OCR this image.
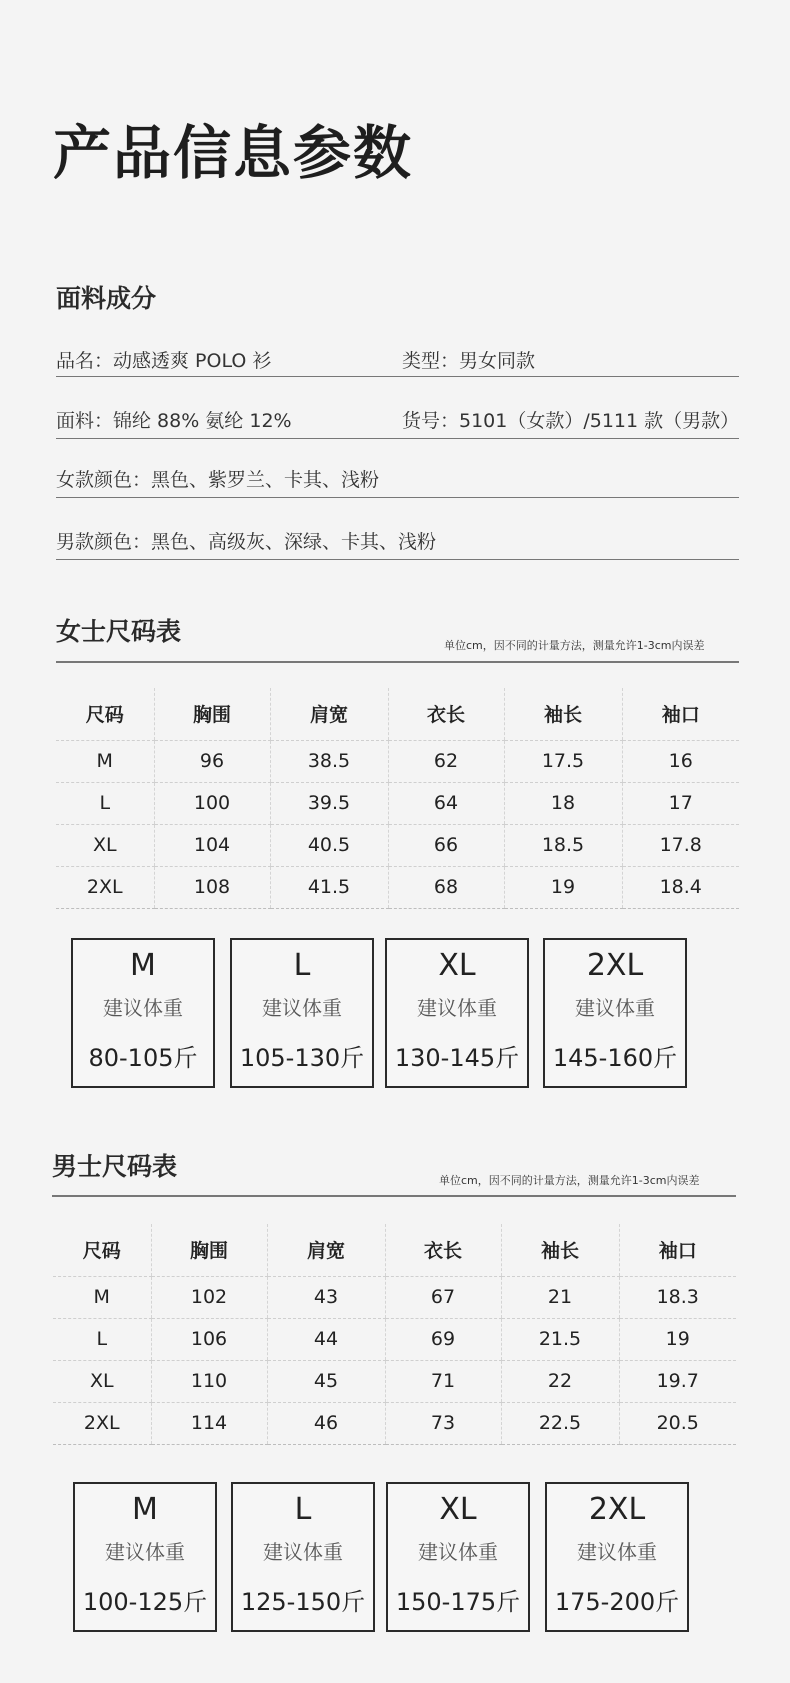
产品信息参数
面料成分
品名：动感透爽 POLO 衫	类型：男女同款
面料：锦纶 88% 氨纶 12%	货号：5101（女款）/5111 款（男款）
女款颜色：黑色、紫罗兰、卡其、浅粉
男款颜色：黑色、高级灰、深绿、卡其、浅粉
女士尺码表	单位cm，因不同的计量方法，测量允许1-3cm内误差
尺码	胸围	肩宽	衣长	袖长	袖口
M	96	38.5	62	17.5	16
L	100	39.5	64	18	17
XL	104	40.5	66	18.5	17.8
2XL	108	41.5	68	19	18.4
M
建议体重
80-105斤
L
建议体重
105-130斤
XL
建议体重
130-145斤
2XL
建议体重
145-160斤
男士尺码表	单位cm，因不同的计量方法，测量允许1-3cm内误差
尺码	胸围	肩宽	衣长	袖长	袖口
M	102	43	67	21	18.3
L	106	44	69	21.5	19
XL	110	45	71	22	19.7
2XL	114	46	73	22.5	20.5
M
建议体重
100-125斤
L
建议体重
125-150斤
XL
建议体重
150-175斤
2XL
建议体重
175-200斤
